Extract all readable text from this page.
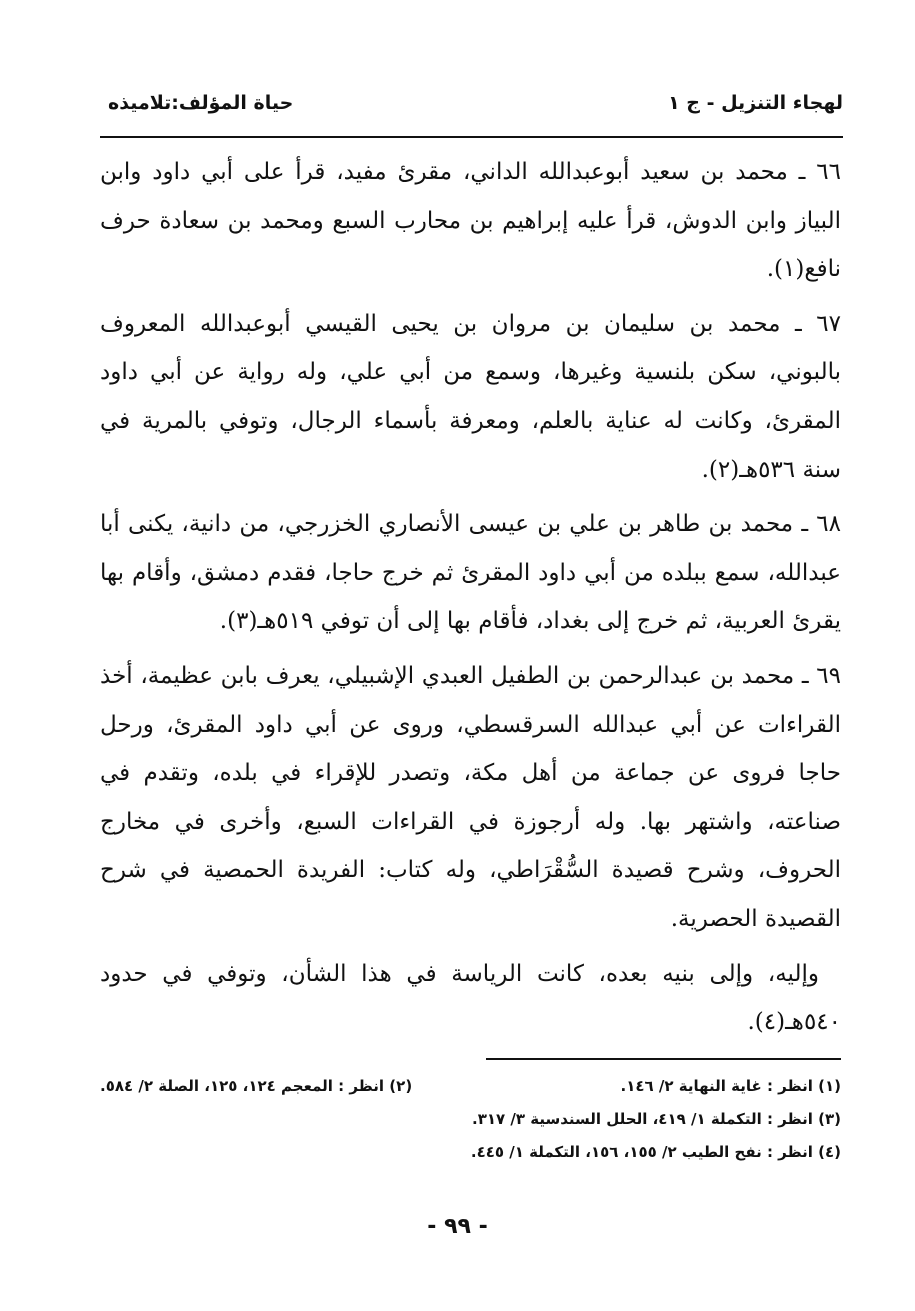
لهجاء التنزيل - ج ١
حياة المؤلف:تلاميذه

٦٦ ـ محمد بن سعيد أبوعبدالله الداني، مقرئ مفيد، قرأ على أبي داود وابن البياز وابن الدوش، قرأ عليه إبراهيم بن محارب السبع ومحمد بن سعادة حرف نافع(١).

٦٧ ـ محمد بن سليمان بن مروان بن يحيى القيسي أبوعبدالله المعروف بالبوني، سكن بلنسية وغيرها، وسمع من أبي علي، وله رواية عن أبي داود المقرئ، وكانت له عناية بالعلم، ومعرفة بأسماء الرجال، وتوفي بالمرية في سنة ٥٣٦هـ(٢).

٦٨ ـ محمد بن طاهر بن علي بن عيسى الأنصاري الخزرجي، من دانية، يكنى أبا عبدالله، سمع ببلده من أبي داود المقرئ ثم خرج حاجا، فقدم دمشق، وأقام بها يقرئ العربية، ثم خرج إلى بغداد، فأقام بها إلى أن توفي ٥١٩هـ(٣).

٦٩ ـ محمد بن عبدالرحمن بن الطفيل العبدي الإشبيلي، يعرف بابن عظيمة، أخذ القراءات عن أبي عبدالله السرقسطي، وروى عن أبي داود المقرئ، ورحل حاجا فروى عن جماعة من أهل مكة، وتصدر للإقراء في بلده، وتقدم في صناعته، واشتهر بها. وله أرجوزة في القراءات السبع، وأخرى في مخارج الحروف، وشرح قصيدة السُّقْرَاطي، وله كتاب: الفريدة الحمصية في شرح القصيدة الحصرية.

وإليه، وإلى بنيه بعده، كانت الرياسة في هذا الشأن، وتوفي في حدود ٥٤٠هـ(٤).

(١) انظر : غاية النهاية ٢/ ١٤٦.
(٢) انظر : المعجم ١٢٤، ١٢٥، الصلة ٢/ ٥٨٤.
(٣) انظر : التكملة ١/ ٤١٩، الحلل السندسية ٣/ ٣١٧.
(٤) انظر : نفح الطيب ٢/ ١٥٥، ١٥٦، التكملة ١/ ٤٤٥.
- ٩٩ -
